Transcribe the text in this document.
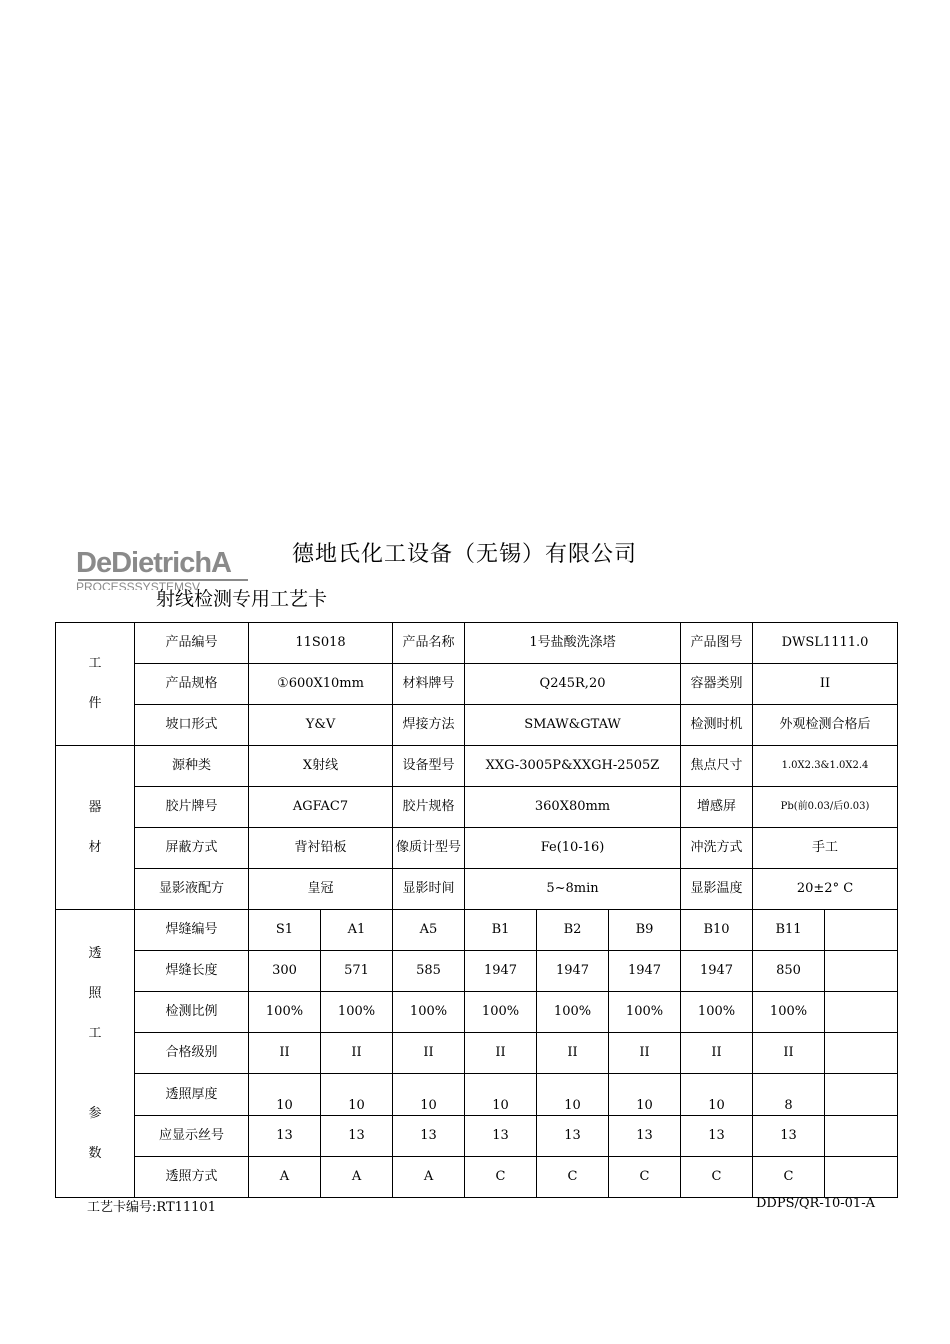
DeDietrichA
PROCESSSYSTEMSV
德地氏化工设备（无锡）有限公司
射线检测专用工艺卡
工
件	产品编号	11S018		产品名称	1号盐酸洗涤塔			产品图号	DWSL1111.0	
	产品规格	①600X10mm		材料牌号	Q245R,20			容器类别	II	
	坡口形式	Y&V		焊接方法	SMAW&GTAW			检测时机	外观检测合格后	
器
材	源种类	X射线		设备型号	XXG-3005P&XXGH-2505Z			焦点尺寸	1.0X2.3&1.0X2.4	
	胶片牌号	AGFAC7		胶片规格	360X80mm			增感屏	Pb(前0.03/后0.03)	
	屏蔽方式	背衬铅板		像质计型号	Fe(10-16)			冲洗方式	手工	
	显影液配方	皇冠		显影时间	5~8min			显影温度	20±2° C	
透
照
工

参
数	焊缝编号	S1	A1	A5	B1	B2	B9	B10	B11	
	焊缝长度	300	571	585	1947	1947	1947	1947	850	
	检测比例	100%	100%	100%	100%	100%	100%	100%	100%	
	合格级别	II	II	II	II	II	II	II	II	
	透照厚度	10	10	10	10	10	10	10	8	
	应显示丝号	13	13	13	13	13	13	13	13	
	透照方式	A	A	A	C	C	C	C	C	
工艺卡编号:RT11101	DDPS/QR-10-01-A
